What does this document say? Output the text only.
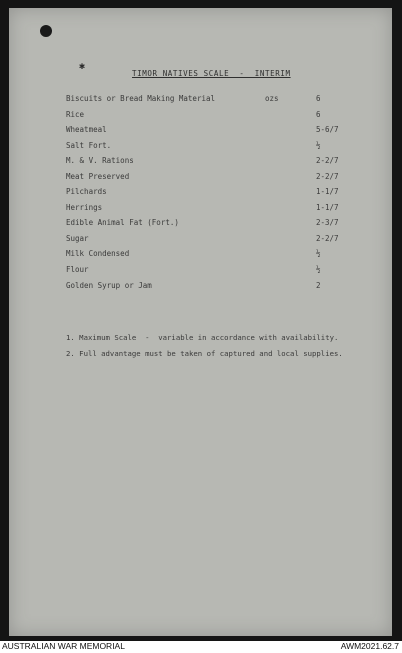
✱
TIMOR NATIVES SCALE  -  INTERIM
Biscuits or Bread Making Material	ozs	6
Rice	6
Wheatmeal	5-6/7
Salt Fort.	½
M. & V. Rations	2-2/7
Meat Preserved	2-2/7
Pilchards	1-1/7
Herrings	1-1/7
Edible Animal Fat (Fort.)	2-3/7
Sugar	2-2/7
Milk Condensed	½
Flour	½
Golden Syrup or Jam	2
1. Maximum Scale  -  variable in accordance with availability.
2. Full advantage must be taken of captured and local supplies.
AUSTRALIAN WAR MEMORIAL	AWM2021.62.7
